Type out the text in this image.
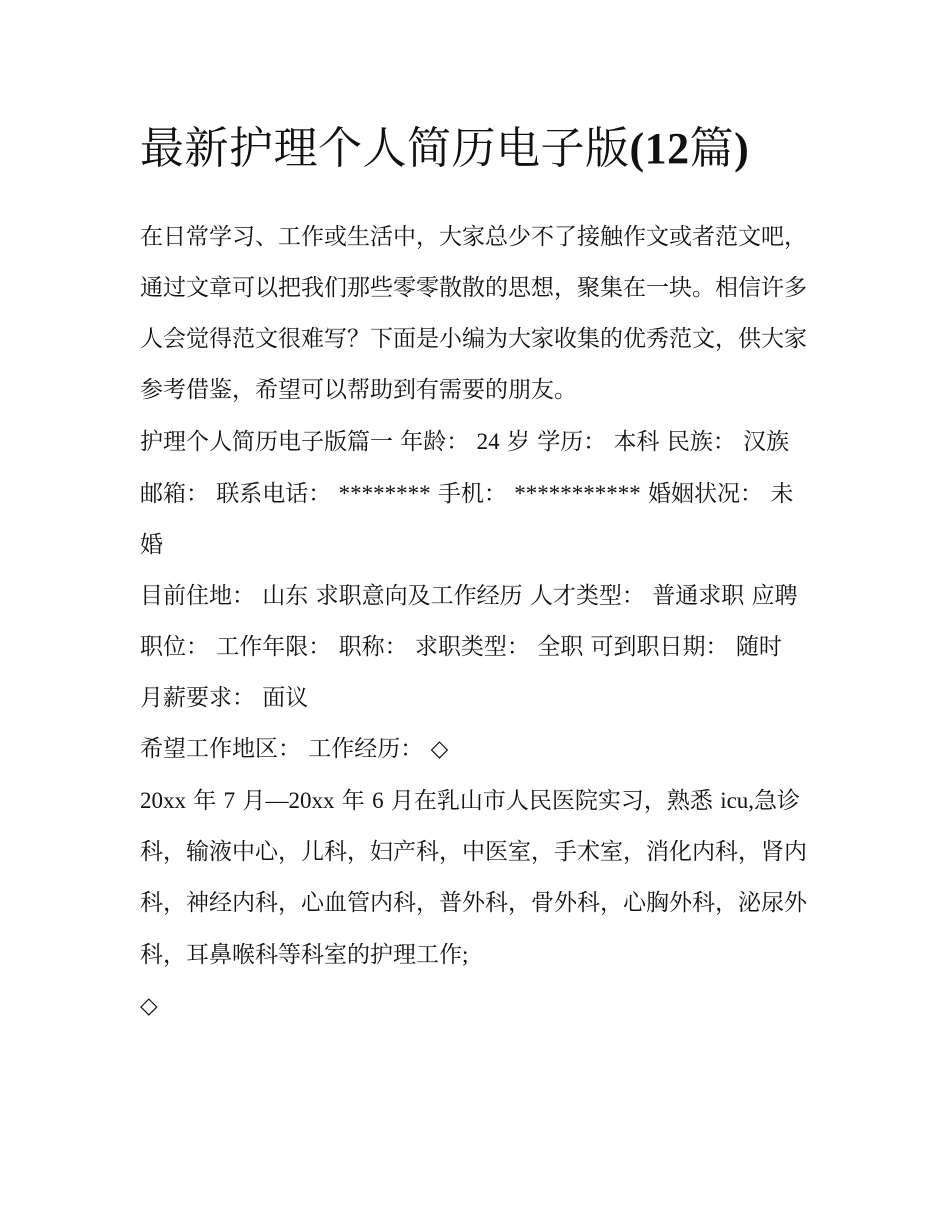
最新护理个人简历电子版(12篇)

在日常学习、工作或生活中，大家总少不了接触作文或者范文吧，通过文章可以把我们那些零零散散的思想，聚集在一块。相信许多人会觉得范文很难写？下面是小编为大家收集的优秀范文，供大家参考借鉴，希望可以帮助到有需要的朋友。

护理个人简历电子版篇一 年龄： 24 岁 学历： 本科 民族： 汉族 邮箱： 联系电话： ******** 手机： *********** 婚姻状况： 未婚

目前住地： 山东 求职意向及工作经历 人才类型： 普通求职 应聘职位： 工作年限： 职称： 求职类型： 全职 可到职日期： 随时 月薪要求： 面议

希望工作地区： 工作经历： ◇

20xx 年 7 月—20xx 年 6 月在乳山市人民医院实习，熟悉 icu,急诊科，输液中心，儿科，妇产科，中医室，手术室，消化内科，肾内科，神经内科，心血管内科，普外科，骨外科，心胸外科，泌尿外科，耳鼻喉科等科室的护理工作;

◇
